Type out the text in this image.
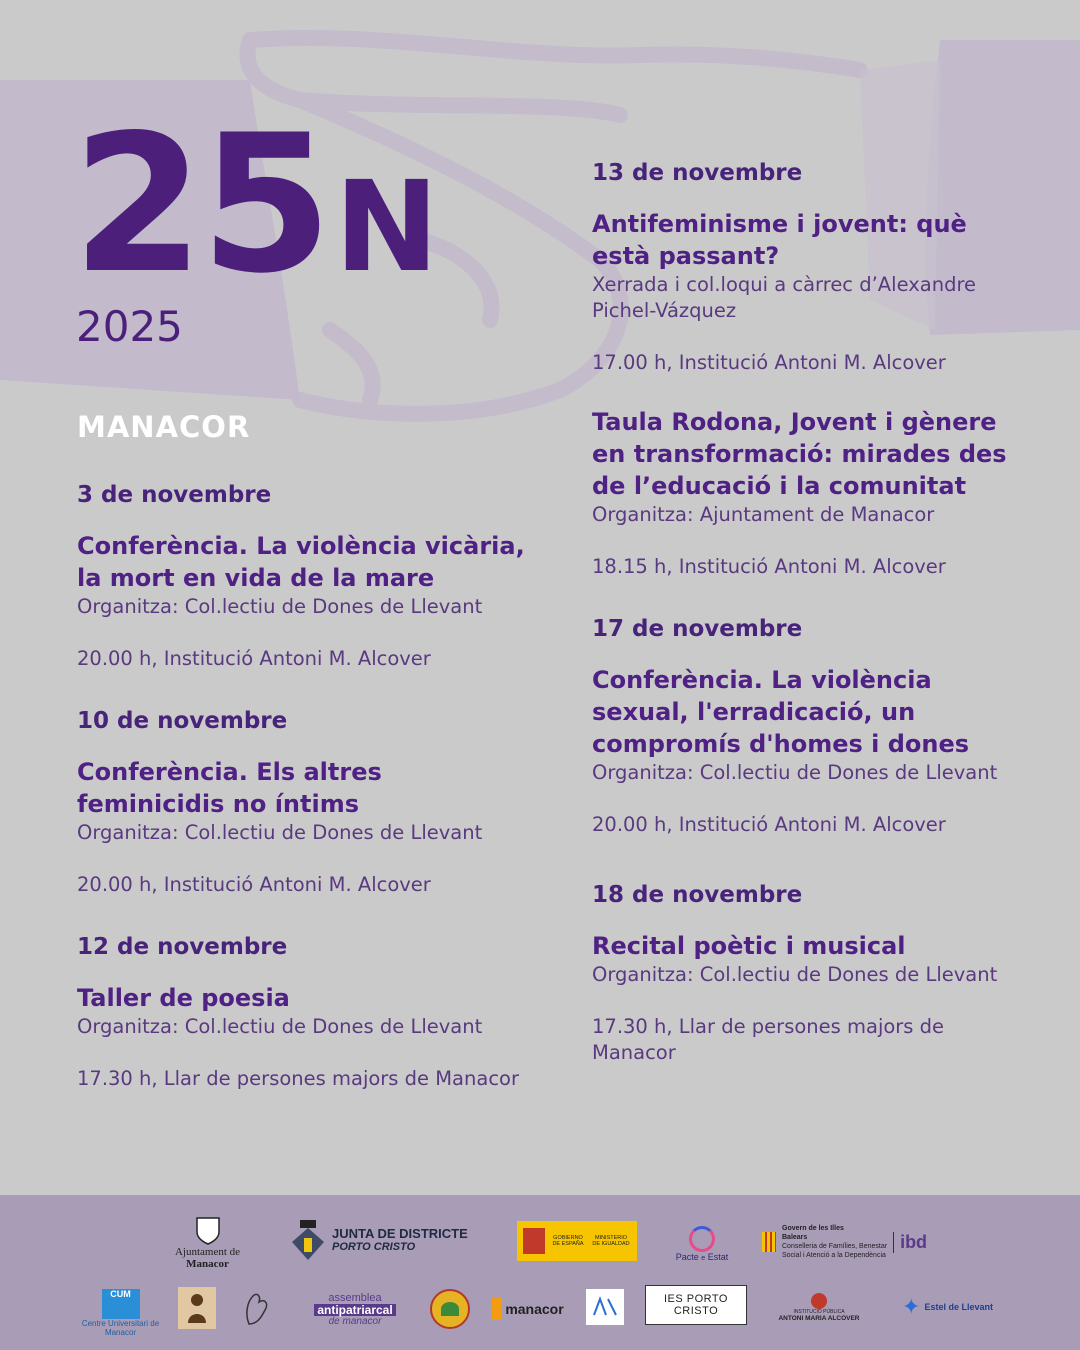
25N
2025
MANACOR
3 de novembre
Conferència. La violència vicària, la mort en vida de la mare
Organitza: Col.lectiu de Dones de Llevant
20.00 h, Institució Antoni M. Alcover
10 de novembre
Conferència. Els altres feminicidis no íntims
Organitza: Col.lectiu de Dones de Llevant
20.00 h, Institució Antoni M. Alcover
12 de novembre
Taller de poesia
Organitza: Col.lectiu de Dones de Llevant
17.30 h, Llar de persones majors de Manacor
13 de novembre
Antifeminisme i jovent: què està passant?
Xerrada i col.loqui a càrrec d’Alexandre Pichel-Vázquez
17.00 h, Institució Antoni M. Alcover
Taula Rodona, Jovent i gènere en transformació: mirades des de l’educació i la comunitat
Organitza: Ajuntament de Manacor
18.15 h, Institució Antoni M. Alcover
17 de novembre
Conferència. La violència sexual, l'erradicació, un compromís d'homes i dones
Organitza: Col.lectiu de Dones de Llevant
20.00 h, Institució Antoni M. Alcover
18 de novembre
Recital poètic i musical
Organitza: Col.lectiu de Dones de Llevant
17.30 h, Llar de persones majors de Manacor
Ajuntament de
Manacor
JUNTA DE DISTRICTE
PORTO CRISTO
GOBIERNO DE ESPAÑA
MINISTERIO DE IGUALDAD
Pacte e Estat
Govern de les Illes Balears
Conselleria de Famílies, Benestar
Social i Atenció a la Dependència
ibd
CUM
Centre Universitari de Manacor
assemblea
antipatriarcal
de manacor
manacor
IES PORTO CRISTO	INSTITUCIÓ PÚBLICA
ANTONI MARIA ALCOVER ✦ Estel de Llevant
